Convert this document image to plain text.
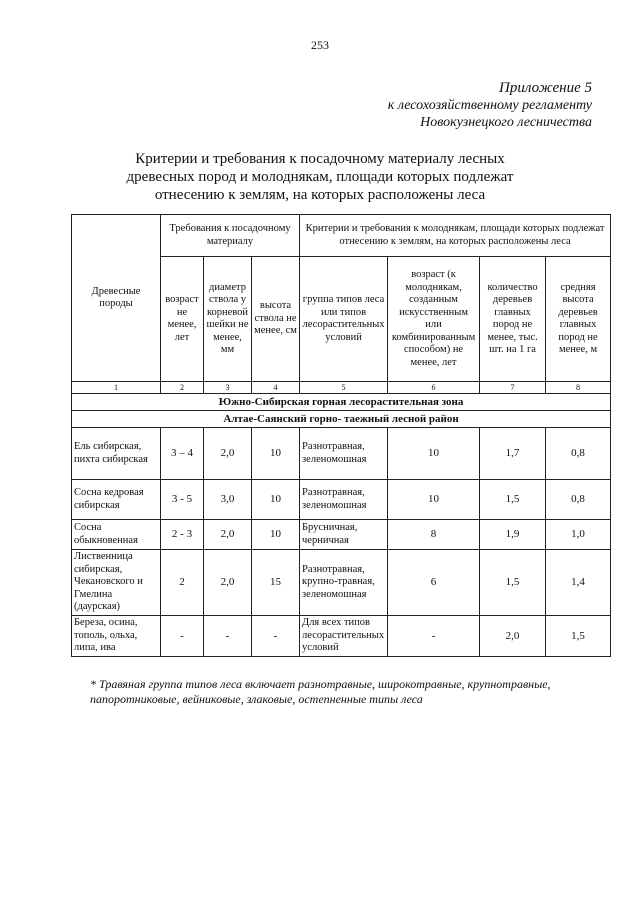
253
Приложение 5
к лесохозяйственному регламенту
Новокузнецкого лесничества
Критерии и требования к посадочному материалу лесных
древесных пород и молоднякам, площади которых подлежат
отнесению к землям, на которых расположены леса
Древесные породы	Требования к посадочному материалу			Критерии и требования к молоднякам, площади которых подлежат отнесению к землям, на которых расположены леса			
	возраст не менее, лет	диаметр ствола у корневой шейки не менее, мм	высота ствола не менее, см	группа типов леса или типов лесорастительных условий	возраст (к молоднякам, созданным искусственным или комбинированным способом) не менее, лет	количество деревьев главных пород не менее, тыс. шт. на 1 га	средняя высота деревьев главных пород не менее, м
1	2	3	4	5	6	7	8
Южно-Сибирская горная лесорастительная зона							
Алтае-Саянский горно- таежный лесной район							
Ель сибирская, пихта сибирская	3 – 4	2,0	10	Разнотравная, зеленомошная	10	1,7	0,8
Сосна кедровая сибирская	3 - 5	3,0	10	Разнотравная, зеленомошная	10	1,5	0,8
Сосна обыкновенная	2 - 3	2,0	10	Брусничная, черничная	8	1,9	1,0
Лиственница сибирская, Чекановского и Гмелина (даурская)	2	2,0	15	Разнотравная, крупно-травная, зеленомошная	6	1,5	1,4
Береза, осина, тополь, ольха, липа, ива	-	-	-	Для всех типов лесорастительных условий	-	2,0	1,5
* Травяная группа типов леса включает разнотравные, широкотравные, крупнотравные, папоротниковые, вейниковые, злаковые, остепненные типы леса
